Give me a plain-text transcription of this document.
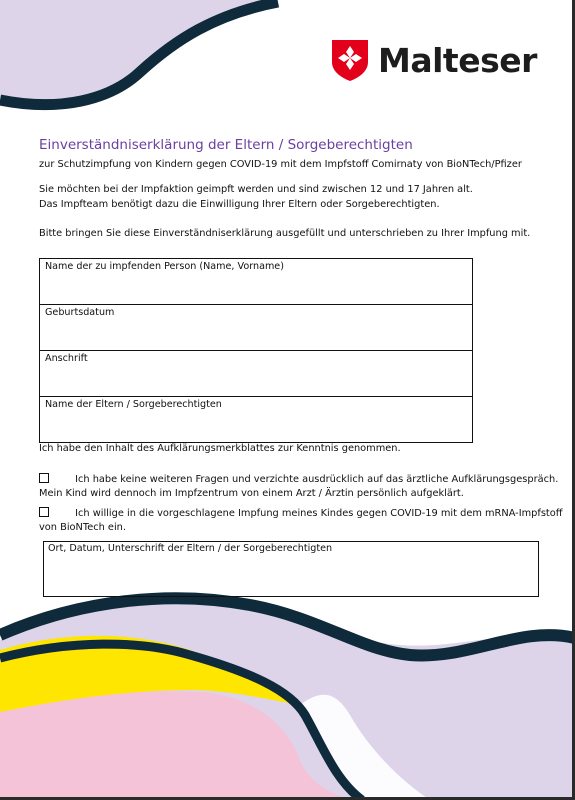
Malteser
Einverständniserklärung der Eltern / Sorgeberechtigten
zur Schutzimpfung von Kindern gegen COVID-19 mit dem Impfstoff Comirnaty von BioNTech/Pfizer
Sie möchten bei der Impfaktion geimpft werden und sind zwischen 12 und 17 Jahren alt.
Das Impfteam benötigt dazu die Einwilligung Ihrer Eltern oder Sorgeberechtigten.
Bitte bringen Sie diese Einverständniserklärung ausgefüllt und unterschrieben zu Ihrer Impfung mit.
Name der zu impfenden Person (Name, Vorname)
Geburtsdatum
Anschrift
Name der Eltern / Sorgeberechtigten
Ich habe den Inhalt des Aufklärungsmerkblattes zur Kenntnis genommen.
Ich habe keine weiteren Fragen und verzichte ausdrücklich auf das ärztliche Aufklärungsgespräch.
Mein Kind wird dennoch im Impfzentrum von einem Arzt / Ärztin persönlich aufgeklärt.
Ich willige in die vorgeschlagene Impfung meines Kindes gegen COVID-19 mit dem mRNA-Impfstoff
von BioNTech ein.
Ort, Datum, Unterschrift der Eltern / der Sorgeberechtigten
